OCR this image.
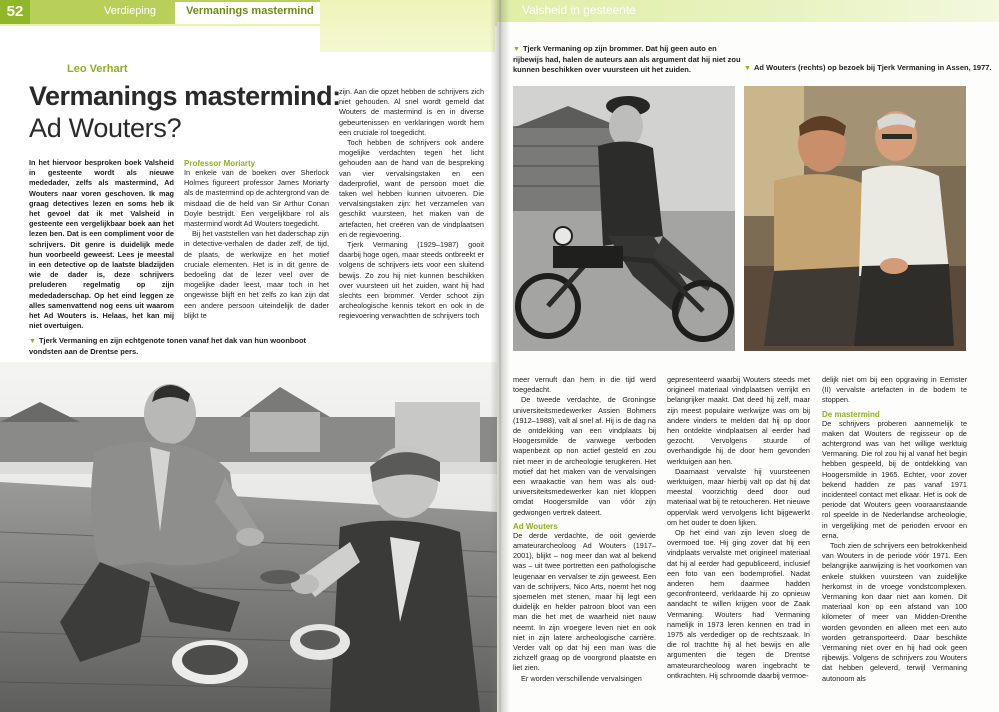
52	Verdieping	Vermanings mastermind
Leo Verhart
Vermanings mastermind:
Ad Wouters?
In het hiervoor besproken boek Valsheid in gesteente wordt als nieuwe mededader, zelfs als mastermind, Ad Wouters naar voren geschoven. Ik mag graag detectives lezen en soms heb ik het gevoel dat ik met Valsheid in gesteente een vergelijkbaar boek aan het lezen ben. Dat is een compliment voor de schrijvers. Dit genre is duidelijk mede hun voorbeeld geweest. Lees je meestal in een detective op de laatste bladzijden wie de dader is, deze schrijvers preluderen regelmatig op zijn mededaderschap. Op het eind leggen ze alles samenvattend nog eens uit waarom het Ad Wouters is. Helaas, het kan mij niet overtuigen.
Professor Moriarty

In enkele van de boeken over Sherlock Holmes figureert professor James Moriarty als de mastermind op de achtergrond van de misdaad die de held van Sir Arthur Conan Doyle bestrijdt. Een vergelijkbare rol als mastermind wordt Ad Wouters toegedicht.

Bij het vaststellen van het daderschap zijn in detective-verhalen de dader zelf, de tijd, de plaats, de werkwijze en het motief cruciale elementen. Het is in dit genre de bedoeling dat de lezer veel over de mogelijke dader leest, maar toch in het ongewisse blijft en het zelfs zo kan zijn dat een andere persoon uiteindelijk de dader blijkt te

zijn. Aan die opzet hebben de schrijvers zich niet gehouden. Al snel wordt gemeld dat Wouters de mastermind is en in diverse gebeurtenissen en verklaringen wordt hem een cruciale rol toegedicht.

Toch hebben de schrijvers ook andere mogelijke verdachten tegen het licht gehouden aan de hand van de bespreking van vier vervalsingstaken en een daderprofiel, want de persoon moet die taken wel hebben kunnen uitvoeren. Die vervalsingstaken zijn: het verzamelen van geschikt vuursteen, het maken van de artefacten, het creëren van de vindplaatsen en de regievoering.

Tjerk Vermaning (1929–1987) gooit daarbij hoge ogen, maar steeds ontbreekt er volgens de schrijvers iets voor een sluitend bewijs. Zo zou hij niet kunnen beschikken over vuursteen uit het zuiden, want hij had slechts een brommer. Verder schoot zijn archeologische kennis tekort en ook in de regievoering verwachtten de schrijvers toch

▼ Tjerk Vermaning en zijn echtgenote tonen vanaf het dak van hun woonboot vondsten aan de Drentse pers.
Valsheid in gesteente
▼ Tjerk Vermaning op zijn brommer. Dat hij geen auto en rijbewijs had, halen de auteurs aan als argument dat hij niet zou kunnen beschikken over vuursteen uit het zuiden.	▼ Ad Wouters (rechts) op bezoek bij Tjerk Vermaning in Assen, 1977.

meer vernuft dan hem in die tijd werd toegedacht.

De tweede verdachte, de Groningse universiteitsmedewerker Assien Bohmers (1912–1988), valt al snel af. Hij is de dag na de ontdekking van een vindplaats bij Hoogersmilde de vanwege verboden wapenbezit op non actief gesteld en zou niet meer in de archeologie terugkeren. Het motief dat het maken van de vervalsingen een wraakactie van hem was als oud-universiteitsmedewerker kan niet kloppen omdat Hoogersmilde van vóór zijn gedwongen vertrek dateert.

Ad Wouters

De derde verdachte, de ooit gevierde amateurarcheoloog Ad Wouters (1917–2001), blijkt – nog meer dan wat al bekend was – uit twee portretten een pathologische leugenaar en vervalser te zijn geweest. Een van de schrijvers, Nico Arts, noemt het nog sjoemelen met stenen, maar hij legt een duidelijk en helder patroon bloot van een man die het met de waarheid niet nauw neemt. In zijn vroegere leven niet en ook niet in zijn latere archeologische carrière. Verder valt op dat hij een man was die zichzelf graag op de voorgrond plaatste en liet zien.

Er worden verschillende vervalsingen

gepresenteerd waarbij Wouters steeds met origineel materiaal vindplaatsen verrijkt en belangrijker maakt. Dat deed hij zelf, maar zijn meest populaire werkwijze was om bij andere vinders te melden dat hij op door hen ontdekte vindplaatsen al eerder had gezocht. Vervolgens stuurde of overhandigde hij de door hem gevonden werktuigen aan hen.

Daarnaast vervalste hij vuursteenen werktuigen, maar hierbij valt op dat hij dat meestal voorzichtig deed door oud materiaal wat bij te retoucheren. Het nieuwe oppervlak werd vervolgens licht bijgewerkt om het ouder te doen lijken.

Op het eind van zijn leven sloeg de overmoed toe. Hij ging zover dat hij een vindplaats vervalste met origineel materiaal dat hij al eerder had gepubliceerd, inclusief een foto van een bodemprofiel. Nadat anderen hem daarmee hadden geconfronteerd, verklaarde hij zo opnieuw aandacht te willen krijgen voor de Zaak Vermaning. Wouters had Vermaning namelijk in 1973 leren kennen en trad in 1975 als verdediger op de rechtszaak. In die rol trachtte hij al het bewijs en alle argumenten die tegen de Drentse amateurarcheoloog waren ingebracht te ontkrachten. Hij schroomde daarbij vermoe-

delijk niet om bij een opgraving in Eemster (II) vervalste artefacten in de bodem te stoppen.

De mastermind

De schrijvers proberen aannemelijk te maken dat Wouters de regisseur op de achtergrond was van het willige werktuig Vermaning. Die rol zou hij al vanaf het begin hebben gespeeld, bij de ontdekking van Hoogersmilde in 1965. Echter, voor zover bekend hadden ze pas vanaf 1971 incidenteel contact met elkaar. Het is ook de periode dat Wouters geen vooraanstaande rol speelde in de Nederlandse archeologie, in vergelijking met de perioden ervoor en erna.

Toch zien de schrijvers een betrokkenheid van Wouters in de periode vóór 1971. Een belangrijke aanwijzing is het voorkomen van enkele stukken vuursteen van zuidelijke herkomst in de vroege vondstcomplexen. Vermaning kon daar niet aan komen. Dit materiaal kon op een afstand van 100 kilometer of meer van Midden-Drenthe worden gevonden en alleen met een auto worden getransporteerd. Daar beschikte Vermaning niet over en hij had ook geen rijbewijs. Volgens de schrijvers zou Wouters dat hebben geleverd, terwijl Vermaning autonoom als
